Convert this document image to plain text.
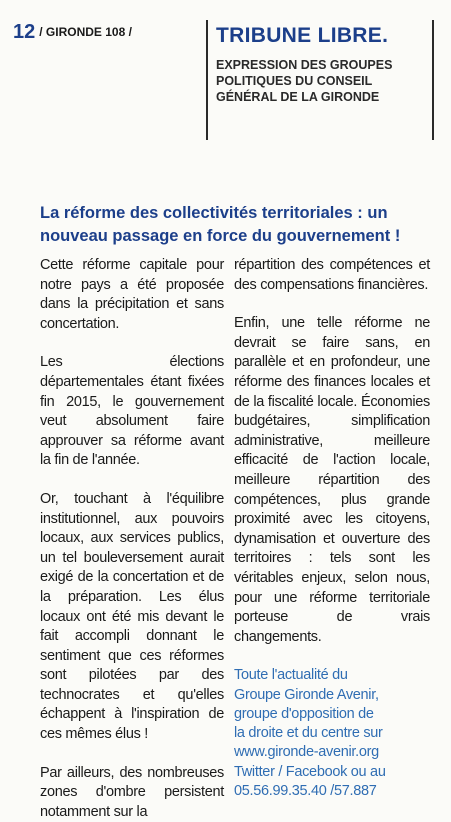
12 / GIRONDE 108 /	TRIBUNE LIBRE.
EXPRESSION DES GROUPES POLITIQUES DU CONSEIL GÉNÉRAL DE LA GIRONDE
La réforme des collectivités territoriales : un nouveau passage en force du gouvernement !

Cette réforme capitale pour notre pays a été proposée dans la précipitation et sans concertation.

Les élections départementales étant fixées fin 2015, le gouvernement veut absolument faire approuver sa réforme avant la fin de l'année.

Or, touchant à l'équilibre institutionnel, aux pouvoirs locaux, aux services publics, un tel bouleversement aurait exigé de la concertation et de la préparation. Les élus locaux ont été mis devant le fait accompli donnant le sentiment que ces réformes sont pilotées par des technocrates et qu'elles échappent à l'inspiration de ces mêmes élus !

Par ailleurs, des nombreuses zones d'ombre persistent notamment sur la

répartition des compétences et des compensations financières.

Enfin, une telle réforme ne devrait se faire sans, en parallèle et en profondeur, une réforme des finances locales et de la fiscalité locale. Économies budgétaires, simplification administrative, meilleure efficacité de l'action locale, meilleure répartition des compétences, plus grande proximité avec les citoyens, dynamisation et ouverture des territoires : tels sont les véritables enjeux, selon nous, pour une réforme territoriale porteuse de vrais changements.

Toute l'actualité du
Groupe Gironde Avenir,
groupe d'opposition de
la droite et du centre sur
www.gironde-avenir.org
Twitter / Facebook ou au
05.56.99.35.40 /57.887
